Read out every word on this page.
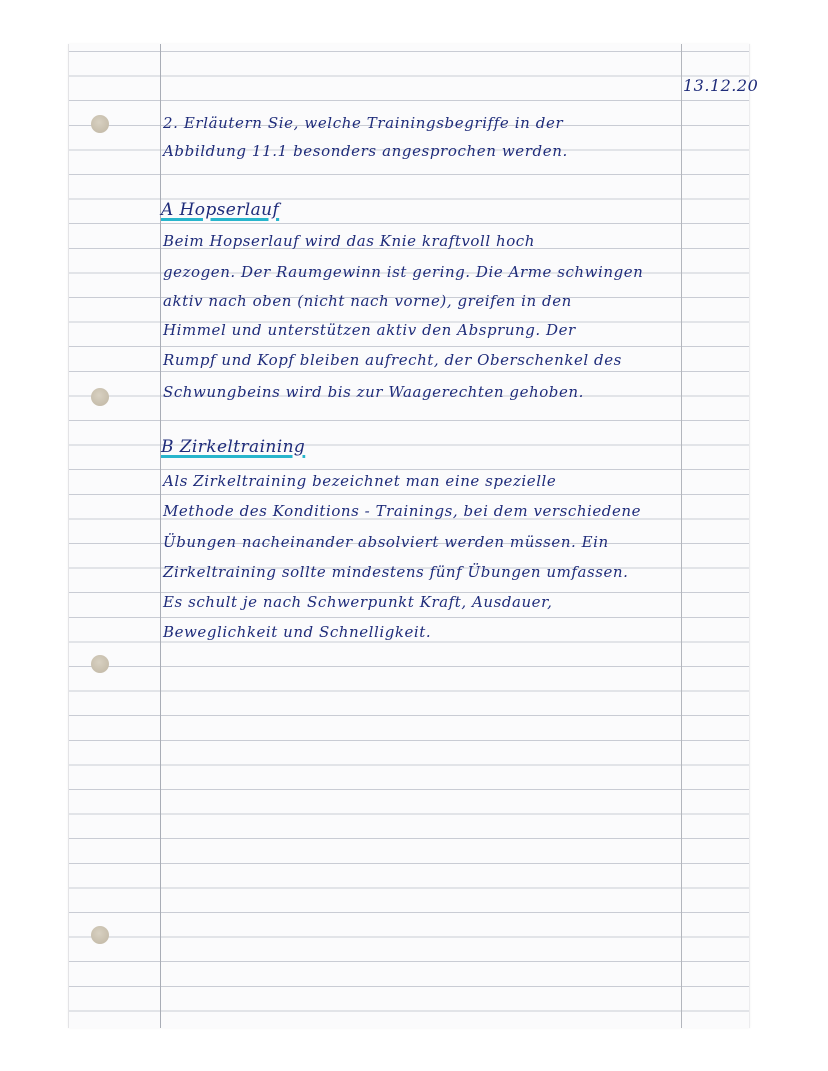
13.12.20
2. Erläutern Sie, welche Trainingsbegriffe in der
Abbildung 11.1 besonders angesprochen werden.
A Hopserlauf
Beim Hopserlauf wird das Knie kraftvoll hoch
gezogen. Der Raumgewinn ist gering. Die Arme schwingen
aktiv nach oben (nicht nach vorne), greifen in den
Himmel und unterstützen aktiv den Absprung. Der
Rumpf und Kopf bleiben aufrecht, der Oberschenkel des
Schwungbeins wird bis zur Waagerechten gehoben.
B Zirkeltraining
Als Zirkeltraining bezeichnet man eine spezielle
Methode des Konditions - Trainings, bei dem verschiedene
Übungen nacheinander absolviert werden müssen. Ein
Zirkeltraining sollte mindestens fünf Übungen umfassen.
Es schult je nach Schwerpunkt Kraft, Ausdauer,
Beweglichkeit und Schnelligkeit.
